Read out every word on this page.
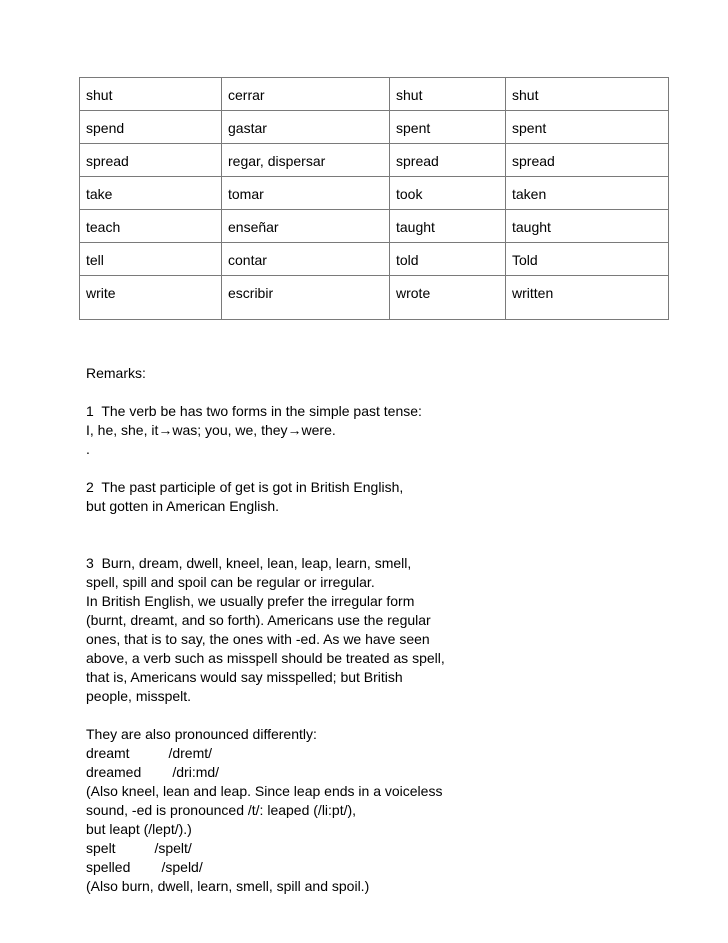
shut	cerrar	shut	shut
spend	gastar	spent	spent
spread	regar, dispersar	spread	spread
take	tomar	took	taken
teach	enseñar	taught	taught
tell	contar	told	Told
write	escribir	wrote	written
Remarks:
1  The verb be has two forms in the simple past tense:
I, he, she, it→was; you, we, they→were.
.
2  The past participle of get is got in British English,
but gotten in American English.
3  Burn, dream, dwell, kneel, lean, leap, learn, smell,
spell, spill and spoil can be regular or irregular.
In British English, we usually prefer the irregular form
(burnt, dreamt, and so forth). Americans use the regular
ones, that is to say, the ones with -ed. As we have seen
above, a verb such as misspell should be treated as spell,
that is, Americans would say misspelled; but British
people, misspelt.
They are also pronounced differently:
dreamt          /dremt/
dreamed        /dri:md/
(Also kneel, lean and leap. Since leap ends in a voiceless
sound, -ed is pronounced /t/: leaped (/li:pt/),
but leapt (/lept/).)
spelt          /spelt/
spelled        /speld/
(Also burn, dwell, learn, smell, spill and spoil.)
